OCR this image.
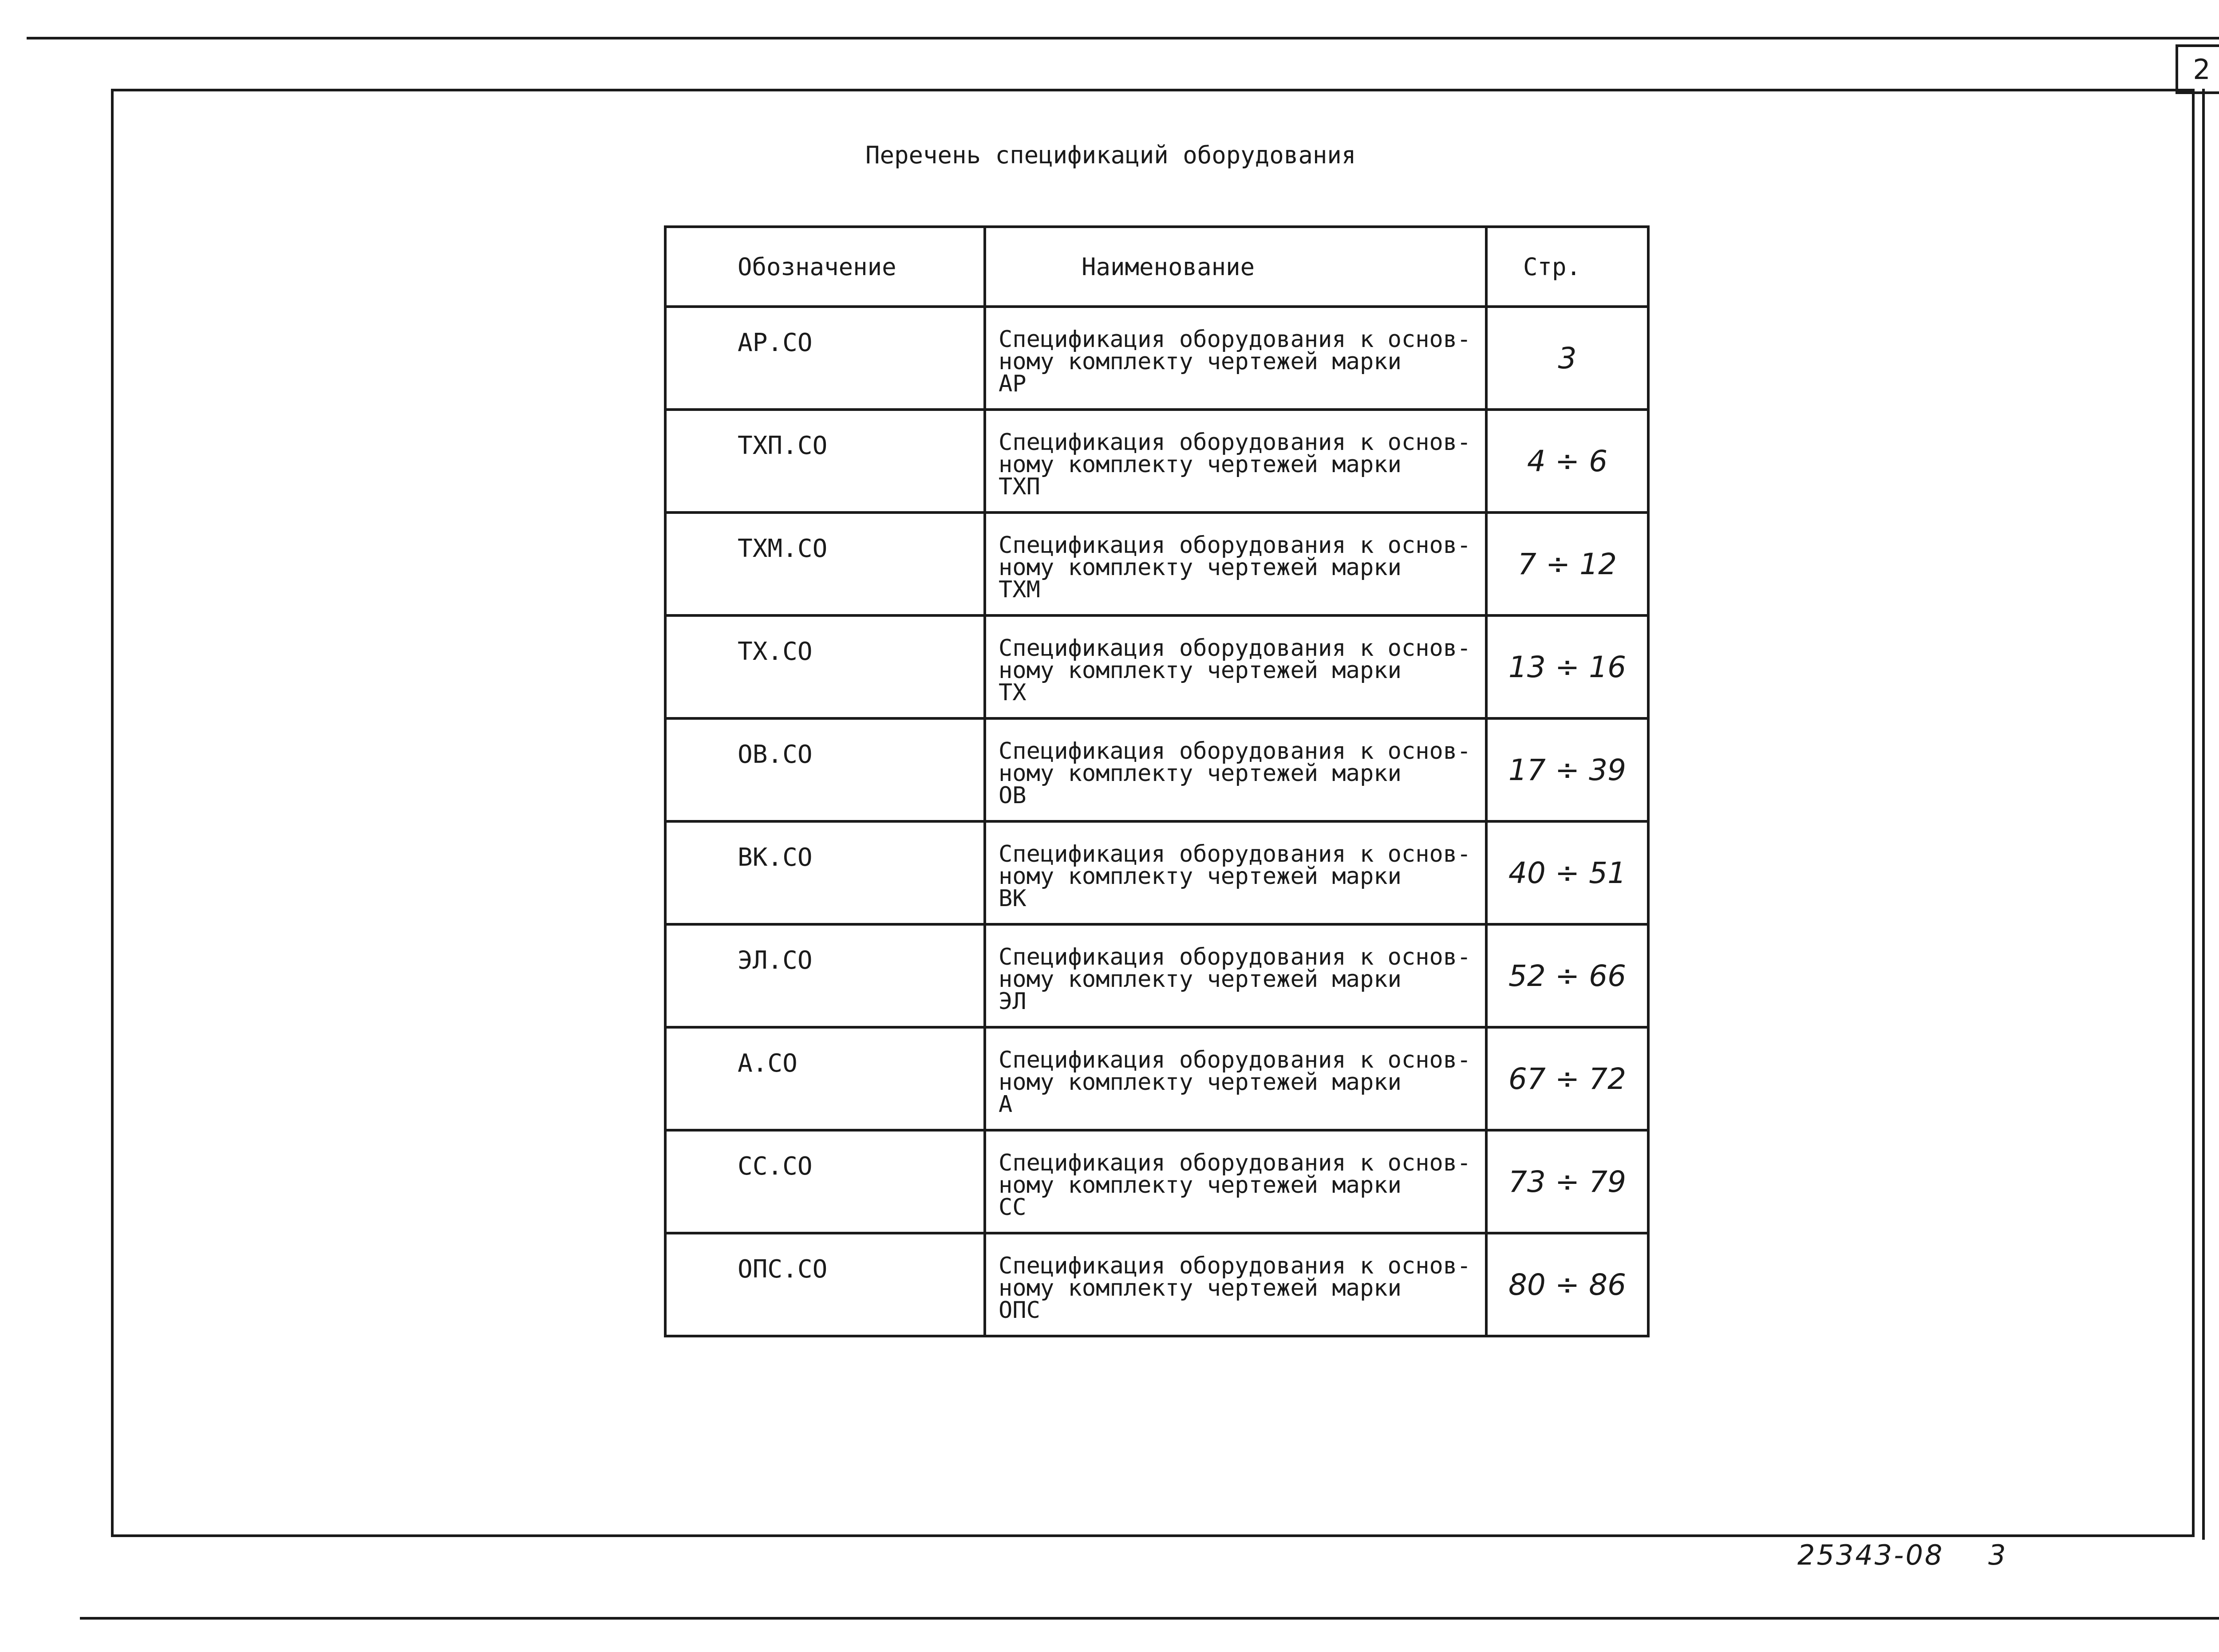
2
Перечень спецификаций оборудования
Обозначение	Наименование	Стр.
АР.СО	Спецификация оборудования к основ-
ному комплекту чертежей марки
АР	3
ТХП.СО	Спецификация оборудования к основ-
ному комплекту чертежей марки
ТХП	4 ÷ 6
ТХМ.СО	Спецификация оборудования к основ-
ному комплекту чертежей марки
ТХМ	7 ÷ 12
ТХ.СО	Спецификация оборудования к основ-
ному комплекту чертежей марки
ТХ	13 ÷ 16
ОВ.СО	Спецификация оборудования к основ-
ному комплекту чертежей марки
ОВ	17 ÷ 39
ВК.СО	Спецификация оборудования к основ-
ному комплекту чертежей марки
ВК	40 ÷ 51
ЭЛ.СО	Спецификация оборудования к основ-
ному комплекту чертежей марки
ЭЛ	52 ÷ 66
А.СО	Спецификация оборудования к основ-
ному комплекту чертежей марки
А	67 ÷ 72
СС.СО	Спецификация оборудования к основ-
ному комплекту чертежей марки
СС	73 ÷ 79
ОПС.СО	Спецификация оборудования к основ-
ному комплекту чертежей марки
ОПС	80 ÷ 86
25343-08 3
